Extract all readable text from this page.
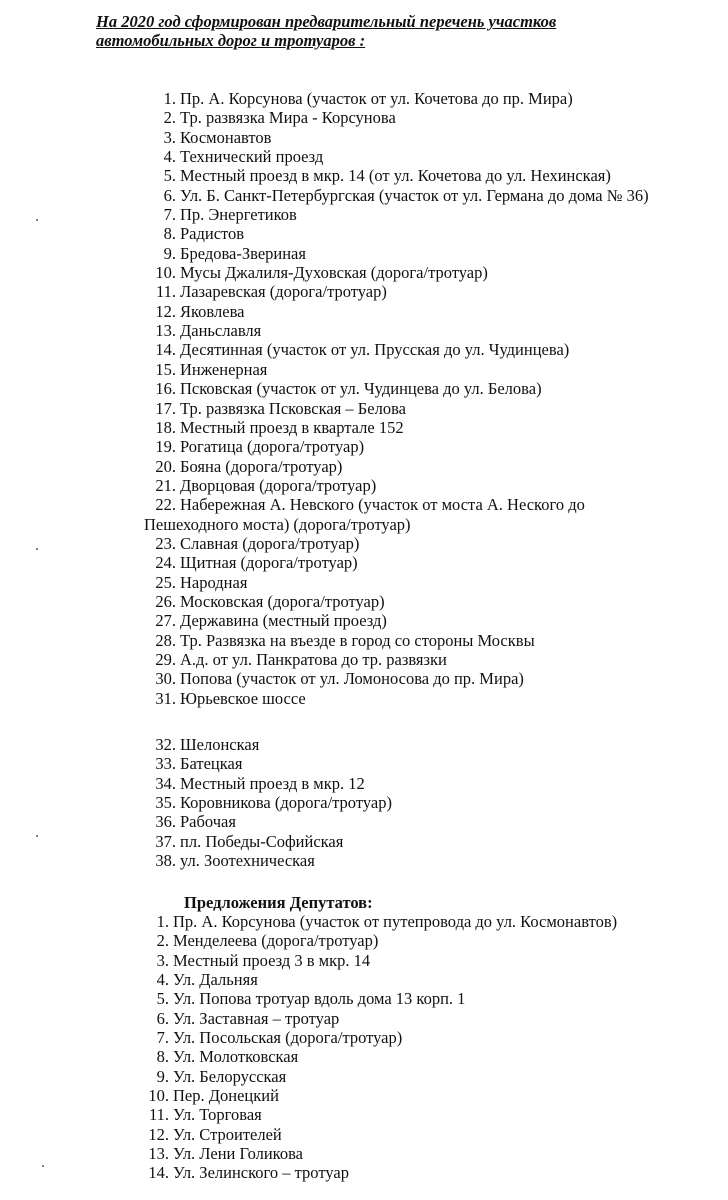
На 2020 год сформирован предварительный перечень участков
автомобильных дорог и тротуаров :
1. Пр. А. Корсунова (участок от ул. Кочетова до пр. Мира)
2. Тр. развязка Мира - Корсунова
3. Космонавтов
4. Технический проезд
5. Местный проезд в мкр. 14 (от ул. Кочетова до ул. Нехинская)
6. Ул. Б. Санкт-Петербургская (участок от ул. Германа до дома № 36)
7. Пр. Энергетиков
8. Радистов
9. Бредова-Звериная
10. Мусы Джалиля-Духовская (дорога/тротуар)
11. Лазаревская (дорога/тротуар)
12. Яковлева
13. Даньславля
14. Десятинная (участок от ул. Прусская до ул. Чудинцева)
15. Инженерная
16. Псковская (участок от ул. Чудинцева до ул. Белова)
17. Тр. развязка Псковская – Белова
18. Местный проезд в квартале 152
19. Рогатица (дорога/тротуар)
20. Бояна (дорога/тротуар)
21. Дворцовая (дорога/тротуар)
22. Набережная А. Невского (участок от моста А. Неского до
Пешеходного моста) (дорога/тротуар)
23. Славная (дорога/тротуар)
24. Щитная (дорога/тротуар)
25. Народная
26. Московская (дорога/тротуар)
27. Державина (местный проезд)
28. Тр. Развязка на въезде в город со стороны Москвы
29. А.д. от ул. Панкратова до тр. развязки
30. Попова (участок от ул. Ломоносова до пр. Мира)
31. Юрьевское шоссе
32. Шелонская
33. Батецкая
34. Местный проезд в мкр. 12
35. Коровникова (дорога/тротуар)
36. Рабочая
37. пл. Победы-Софийская
38. ул. Зоотехническая
Предложения Депутатов:
1. Пр. А. Корсунова (участок от путепровода до ул. Космонавтов)
2. Менделеева (дорога/тротуар)
3. Местный проезд 3 в мкр. 14
4. Ул. Дальняя
5. Ул. Попова тротуар вдоль дома 13 корп. 1
6. Ул. Заставная – тротуар
7. Ул. Посольская (дорога/тротуар)
8. Ул. Молотковская
9. Ул. Белорусская
10. Пер. Донецкий
11. Ул. Торговая
12. Ул. Строителей
13. Ул. Лени Голикова
14. Ул. Зелинского – тротуар
